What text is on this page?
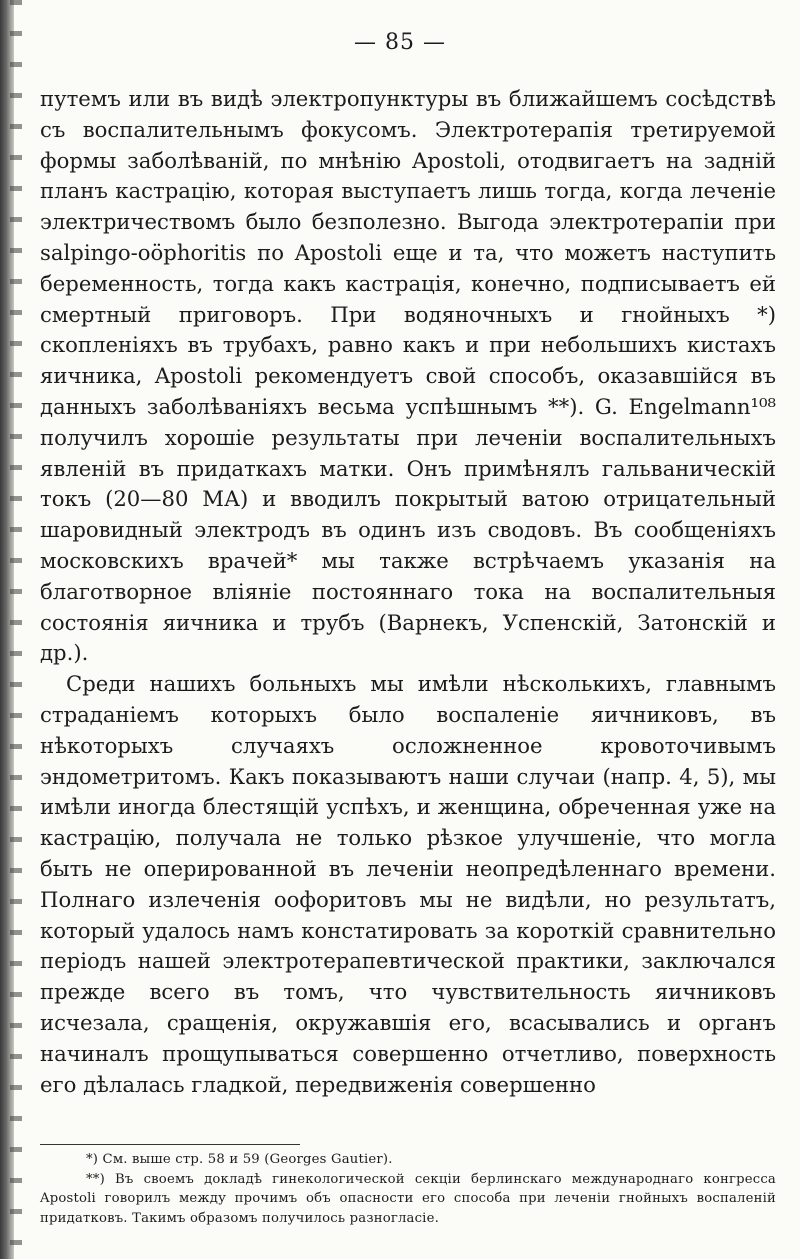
— 85 —

путемъ или въ видѣ электропунктуры въ ближайшемъ сосѣдствѣ съ воспалительнымъ фокусомъ. Электротерапія третируемой формы заболѣваній, по мнѣнію Apostoli, отодвигаетъ на задній планъ кастрацію, которая выступаетъ лишь тогда, когда леченіе электричествомъ было безполезно. Выгода электротерапіи при salpingo-oöphoritis по Apostoli еще и та, что можетъ наступить беременность, тогда какъ кастрація, конечно, подписываетъ ей смертный приговоръ. При водяночныхъ и гнойныхъ *) скопленіяхъ въ трубахъ, равно какъ и при небольшихъ кистахъ яичника, Apostoli рекомендуетъ свой способъ, оказавшійся въ данныхъ заболѣваніяхъ весьма успѣшнымъ **). G. Engelmann¹⁰⁸ получилъ хорошіе результаты при леченіи воспалительныхъ явленій въ придаткахъ матки. Онъ примѣнялъ гальваническій токъ (20—80 МА) и вводилъ покрытый ватою отрицательный шаровидный электродъ въ одинъ изъ сводовъ. Въ сообщеніяхъ московскихъ врачей* мы также встрѣчаемъ указанія на благотворное вліяніе постояннаго тока на воспалительныя состоянія яичника и трубъ (Варнекъ, Успенскій, Затонскій и др.).

Среди нашихъ больныхъ мы имѣли нѣсколькихъ, главнымъ страданіемъ которыхъ было воспаленіе яичниковъ, въ нѣкоторыхъ случаяхъ осложненное кровоточивымъ эндометритомъ. Какъ показываютъ наши случаи (напр. 4, 5), мы имѣли иногда блестящій успѣхъ, и женщина, обреченная уже на кастрацію, получала не только рѣзкое улучшеніе, что могла быть не оперированной въ леченіи неопредѣленнаго времени. Полнаго излеченія оофоритовъ мы не видѣли, но результатъ, который удалось намъ констатировать за короткій сравнительно періодъ нашей электротерапевтической практики, заключался прежде всего въ томъ, что чувствительность яичниковъ исчезала, сращенія, окружавшія его, всасывались и органъ начиналъ прощупываться совершенно отчетливо, поверхность его дѣлалась гладкой, передвиженія совершенно

*) См. выше стр. 58 и 59 (Georges Gautier).

**) Въ своемъ докладѣ гинекологической секціи берлинскаго международнаго конгресса Apostoli говорилъ между прочимъ объ опасности его способа при леченіи гнойныхъ воспаленій придатковъ. Такимъ образомъ получилось разногласіе.
